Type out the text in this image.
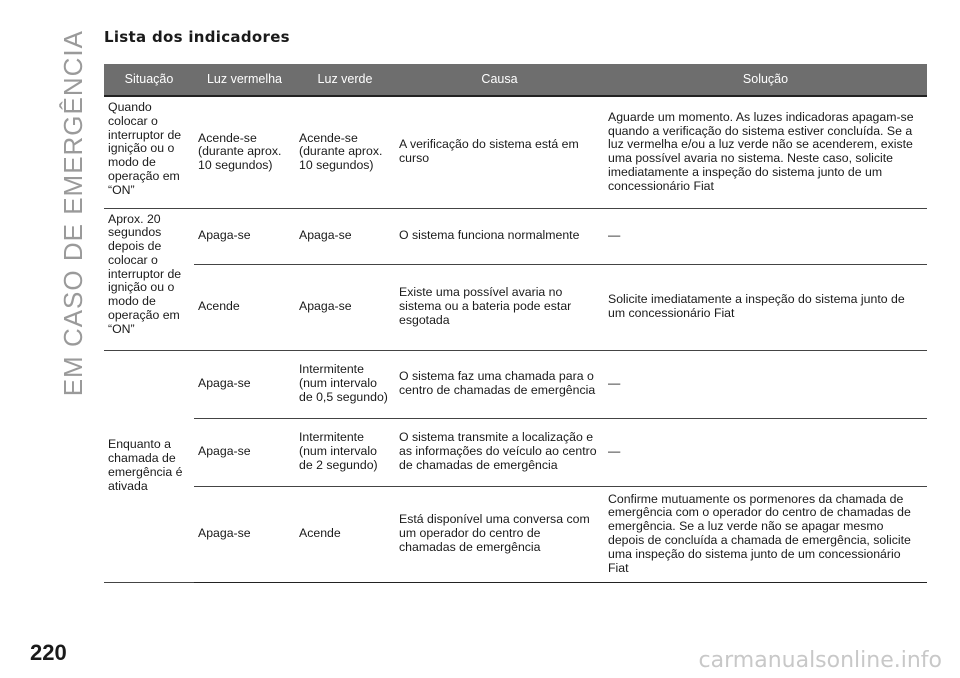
EM CASO DE EMERGÊNCIA Lista dos indicadores
Situação	Luz vermelha	Luz verde	Causa	Solução
Quando colocar o interruptor de ignição ou o modo de operação em “ON”	Acende-se (durante aprox. 10 segundos)	Acende-se (durante aprox. 10 segundos)	A verificação do sistema está em curso	Aguarde um momento. As luzes indicadoras apagam-se quando a verificação do sistema estiver concluída. Se a luz vermelha e/ou a luz verde não se acenderem, existe uma possível avaria no sistema. Neste caso, solicite imediatamente a inspeção do sistema junto de um concessionário Fiat
Aprox. 20 segundos depois de colocar o interruptor de ignição ou o modo de operação em “ON”	Apaga-se	Apaga-se	O sistema funciona normalmente	—
	Acende	Apaga-se	Existe uma possível avaria no sistema ou a bateria pode estar esgotada	Solicite imediatamente a inspeção do sistema junto de um concessionário Fiat
Enquanto a chamada de emergência é ativada	Apaga-se	Intermitente (num intervalo de 0,5 segundo)	O sistema faz uma chamada para o centro de chamadas de emergência	—
	Apaga-se	Intermitente (num intervalo de 2 segundo)	O sistema transmite a localização e as informações do veículo ao centro de chamadas de emergência	—
	Apaga-se	Acende	Está disponível uma conversa com um operador do centro de chamadas de emergência	Confirme mutuamente os pormenores da chamada de emergência com o operador do centro de chamadas de emergência. Se a luz verde não se apagar mesmo depois de concluída a chamada de emergência, solicite uma inspeção do sistema junto de um concessionário Fiat
220	carmanualsonline.info
